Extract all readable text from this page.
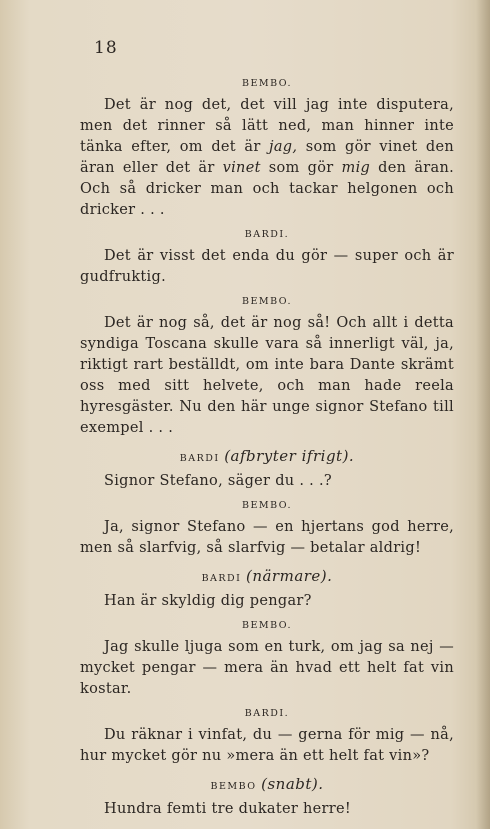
18
BEMBO.

Det är nog det, det vill jag inte disputera, men det rinner så lätt ned, man hinner inte tänka efter, om det är jag, som gör vinet den äran eller det är vinet som gör mig den äran. Och så dricker man och tackar helgonen och dricker . . .

BARDI.

Det är visst det enda du gör — super och är gudfruktig.

BEMBO.

Det är nog så, det är nog så! Och allt i detta syndiga Toscana skulle vara så innerligt väl, ja, riktigt rart beställdt, om inte bara Dante skrämt oss med sitt helvete, och man hade reela hyresgäster. Nu den här unge signor Stefano till exempel . . .

BARDI (afbryter ifrigt).

Signor Stefano, säger du . . .?

BEMBO.

Ja, signor Stefano — en hjertans god herre, men så slarfvig, så slarfvig — betalar aldrig!

BARDI (närmare).

Han är skyldig dig pengar?

BEMBO.

Jag skulle ljuga som en turk, om jag sa nej — mycket pengar — mera än hvad ett helt fat vin kostar.

BARDI.

Du räknar i vinfat, du — gerna för mig — nå, hur mycket gör nu »mera än ett helt fat vin»?

BEMBO (snabt).

Hundra femti tre dukater herre!
